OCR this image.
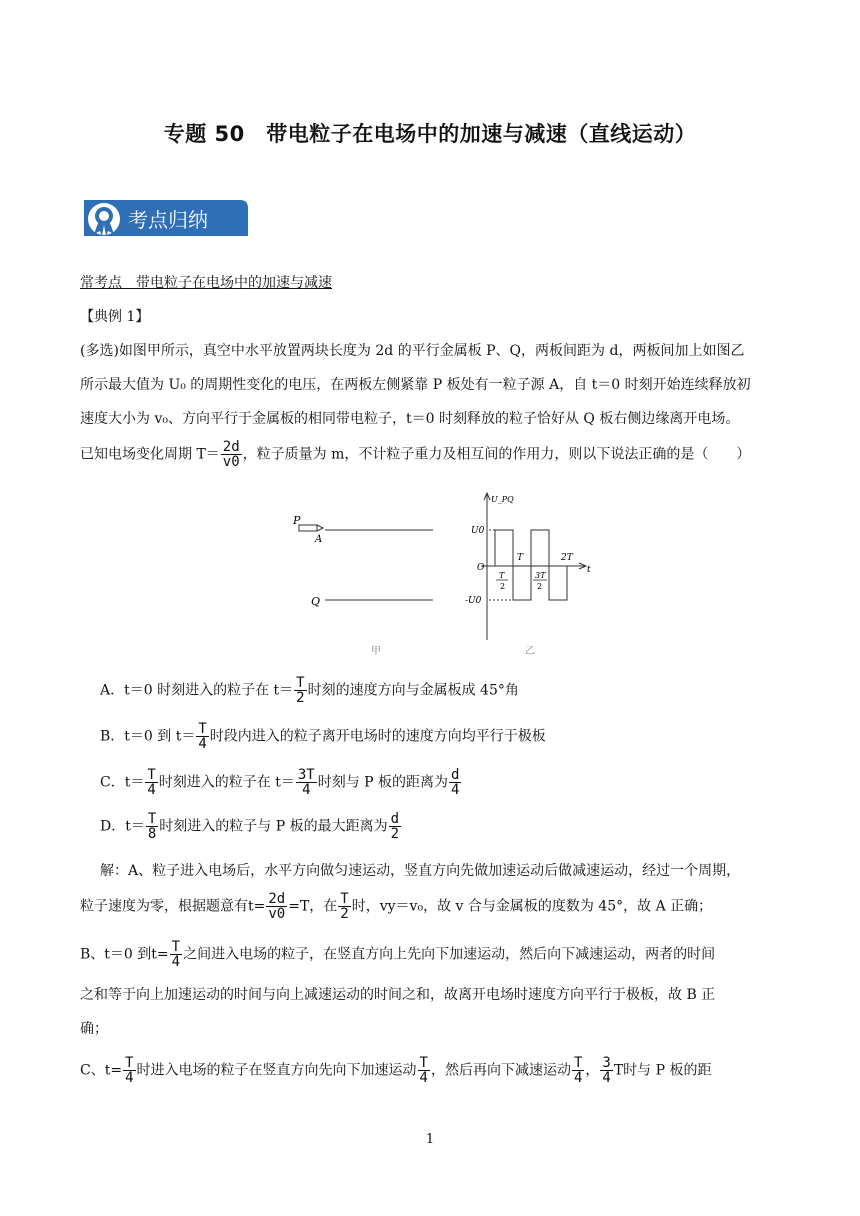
专题 50　带电粒子在电场中的加速与减速（直线运动）
考点归纳
常考点　带电粒子在电场中的加速与减速
【典例 1】
(多选)如图甲所示，真空中水平放置两块长度为 2d 的平行金属板 P、Q，两板间距为 d，两板间加上如图乙
所示最大值为 U₀ 的周期性变化的电压，在两板左侧紧靠 P 板处有一粒子源 A，自 t＝0 时刻开始连续释放初
速度大小为 v₀、方向平行于金属板的相同带电粒子，t＝0 时刻释放的粒子恰好从 Q 板右侧边缘离开电场。
已知电场变化周期 $T= \frac{2d}{v0}$ ，粒子质量为 m，不计粒子重力及相互间的作用力，则以下说法正确的是（　　）
P
A
Q
甲
U_PQ
U0
-U0
O	t
T	2T
T
2
3T
2
乙
A．t＝0 时刻进入的粒子在 $t= \frac{T}{2}$ 时刻的速度方向与金属板成 45°角
B．t＝0 到 $t= \frac{T}{4}$ 时段内进入的粒子离开电场时的速度方向均平行于极板
C．$t= \frac{T}{4}$ 时刻进入的粒子在 $t= \frac{3T}{4}$ 时刻与 P 板的距离为 $\frac{d}{4}$
D．$t= \frac{T}{8}$ 时刻进入的粒子与 P 板的最大距离为 $\frac{d}{2}$
解：A、粒子进入电场后，水平方向做匀速运动，竖直方向先做加速运动后做减速运动，经过一个周期，
粒子速度为零，根据题意有$t= \frac{2d}{v0} =T$，在 $\frac{T}{2}$ 时，vy＝v₀，故 v 合与金属板的度数为 45°，故 A 正确；
B、t＝0 到$t= \frac{T}{4}$ 之间进入电场的粒子，在竖直方向上先向下加速运动，然后向下减速运动，两者的时间
之和等于向上加速运动的时间与向上减速运动的时间之和，故离开电场时速度方向平行于极板，故 B 正
确；
C、$t= \frac{T}{4}$ 时进入电场的粒子在竖直方向先向下加速运动 $\frac{T}{4}$ ，然后再向下减速运动 $\frac{T}{4}$ ， $\frac{3}{4}$ T时与 P 板的距
1
